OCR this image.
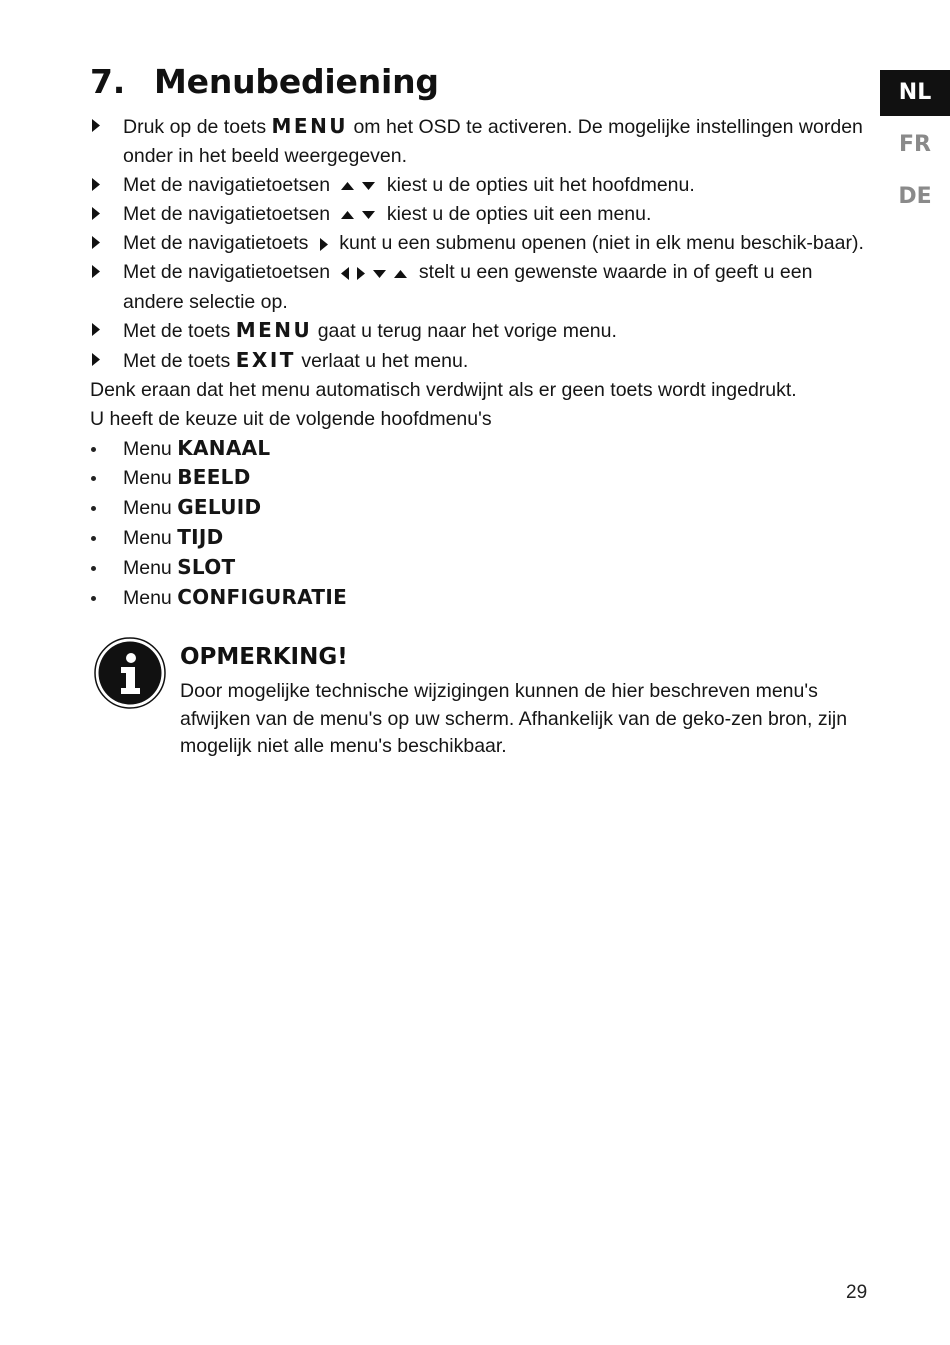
7. Menubediening	NL
FR
DE
Druk op de toets MENU om het OSD te activeren. De mogelijke instellingen worden onder in het beeld weergegeven.
Met de navigatietoetsen  kiest u de opties uit het hoofdmenu.
Met de navigatietoetsen  kiest u de opties uit een menu.
Met de navigatietoets  kunt u een submenu openen (niet in elk menu beschik-baar).
Met de navigatietoetsen	stelt u een gewenste waarde in of geeft u een andere selectie op.
Met de toets MENU gaat u terug naar het vorige menu.
Met de toets EXIT verlaat u het menu.
Denk eraan dat het menu automatisch verdwijnt als er geen toets wordt ingedrukt.
U heeft de keuze uit de volgende hoofdmenu's
Menu KANAAL
Menu BEELD
Menu GELUID
Menu TIJD
Menu SLOT
Menu CONFIGURATIE
OPMERKING!
Door mogelijke technische wijzigingen kunnen de hier beschreven menu's afwijken van de menu's op uw scherm. Afhankelijk van de geko-zen bron, zijn mogelijk niet alle menu's beschikbaar.
29
